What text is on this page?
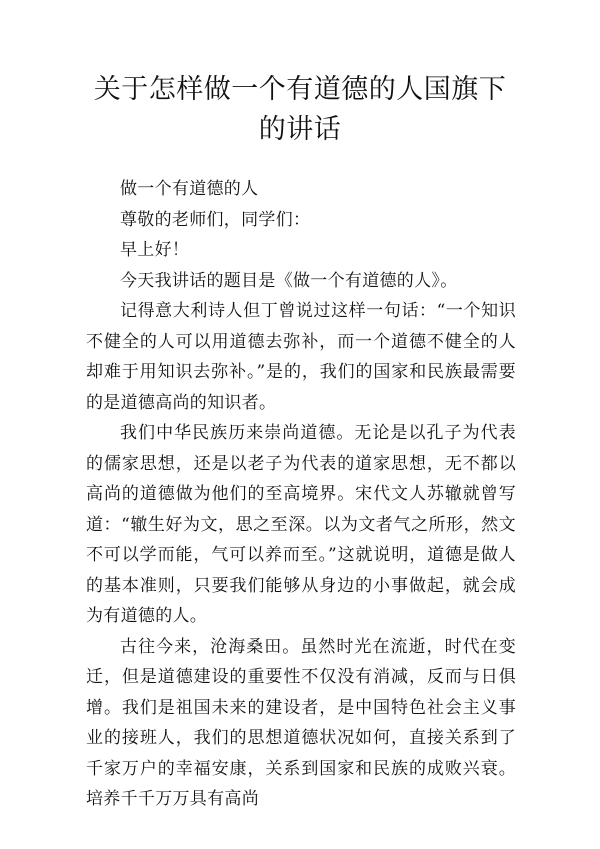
关于怎样做一个有道德的人国旗下的讲话

做一个有道德的人

尊敬的老师们，同学们：

早上好！

今天我讲话的题目是《做一个有道德的人》。

记得意大利诗人但丁曾说过这样一句话：“一个知识不健全的人可以用道德去弥补，而一个道德不健全的人却难于用知识去弥补。”是的，我们的国家和民族最需要的是道德高尚的知识者。

我们中华民族历来崇尚道德。无论是以孔子为代表的儒家思想，还是以老子为代表的道家思想，无不都以高尚的道德做为他们的至高境界。宋代文人苏辙就曾写道：“辙生好为文，思之至深。以为文者气之所形，然文不可以学而能，气可以养而至。”这就说明，道德是做人的基本准则，只要我们能够从身边的小事做起，就会成为有道德的人。

古往今来，沧海桑田。虽然时光在流逝，时代在变迁，但是道德建设的重要性不仅没有消减，反而与日俱增。我们是祖国未来的建设者，是中国特色社会主义事业的接班人，我们的思想道德状况如何，直接关系到了千家万户的幸福安康，关系到国家和民族的成败兴衰。培养千千万万具有高尚
